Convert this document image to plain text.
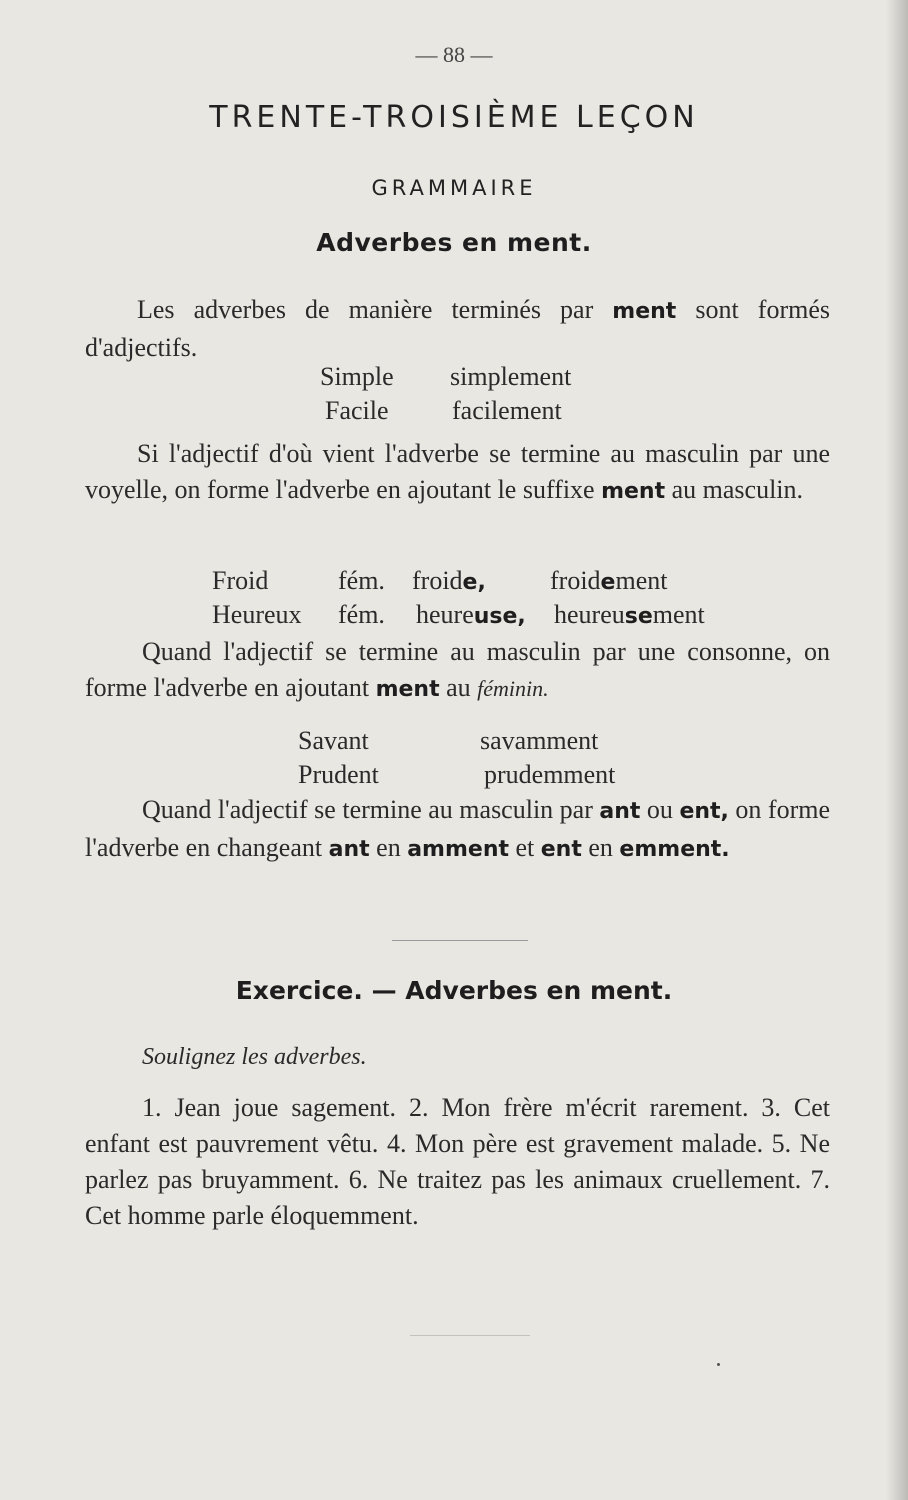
— 88 —
TRENTE-TROISIÈME LEÇON
GRAMMAIRE
Adverbes en ment.
Les adverbes de manière terminés par ment sont formés d'adjectifs.
Simple simplement
Facile facilement
Si l'adjectif d'où vient l'adverbe se termine au masculin par une voyelle, on forme l'adverbe en ajoutant le suffixe ment au masculin.
Froid	fém. froide, froidement
Heureux fém. heureuse, heureusement
Quand l'adjectif se termine au masculin par une consonne, on forme l'adverbe en ajoutant ment au féminin.
Savant	savamment
Prudent	prudemment
Quand l'adjectif se termine au masculin par ant ou ent, on forme l'adverbe en changeant ant en amment et ent en emment.
Exercice. — Adverbes en ment.
Soulignez les adverbes.
1. Jean joue sagement. 2. Mon frère m'écrit rarement. 3. Cet enfant est pauvrement vêtu. 4. Mon père est gravement malade. 5. Ne parlez pas bruyamment. 6. Ne traitez pas les animaux cruellement. 7. Cet homme parle éloquemment.
